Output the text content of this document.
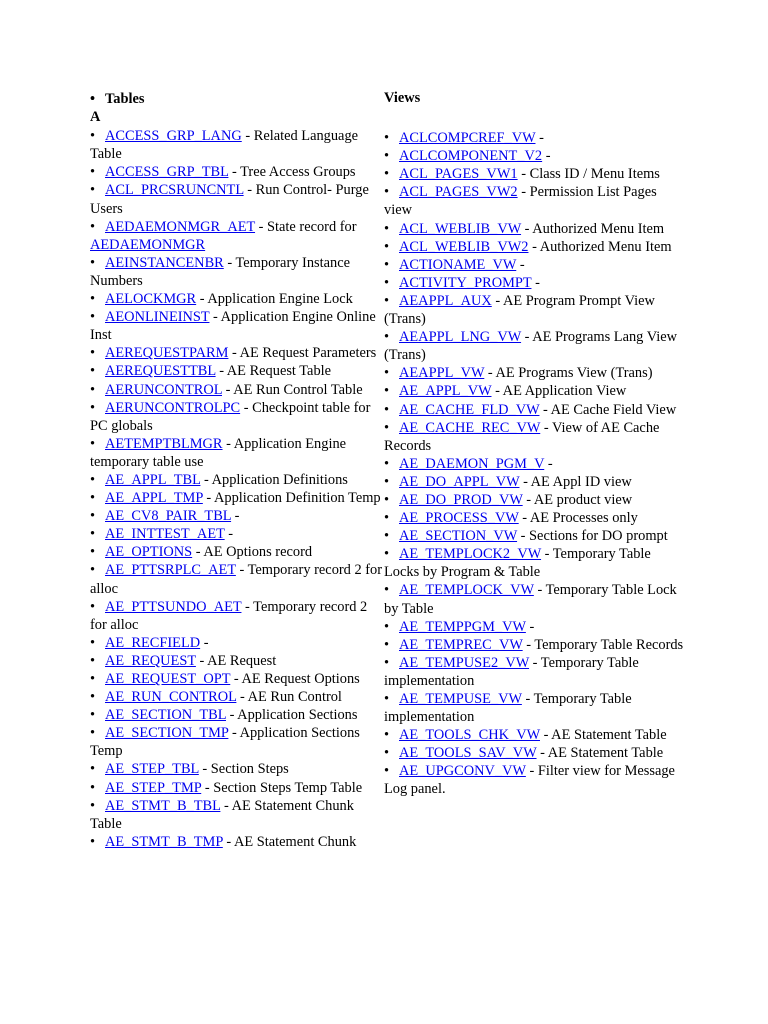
• Tables
A
• ACCESS_GRP_LANG - Related Language Table
• ACCESS_GRP_TBL - Tree Access Groups
• ACL_PRCSRUNCNTL - Run Control- Purge Users
• AEDAEMONMGR_AET - State record for AEDAEMONMGR
• AEINSTANCENBR - Temporary Instance Numbers
• AELOCKMGR - Application Engine Lock
• AEONLINEINST - Application Engine Online Inst
• AEREQUESTPARM - AE Request Parameters
• AEREQUESTTBL - AE Request Table
• AERUNCONTROL - AE Run Control Table
• AERUNCONTROLPC - Checkpoint table for PC globals
• AETEMPTBLMGR - Application Engine temporary table use
• AE_APPL_TBL - Application Definitions
• AE_APPL_TMP - Application Definition Temp
• AE_CV8_PAIR_TBL -
• AE_INTTEST_AET -
• AE_OPTIONS - AE Options record
• AE_PTTSRPLC_AET - Temporary record 2 for alloc
• AE_PTTSUNDO_AET - Temporary record 2 for alloc
• AE_RECFIELD -
• AE_REQUEST - AE Request
• AE_REQUEST_OPT - AE Request Options
• AE_RUN_CONTROL - AE Run Control
• AE_SECTION_TBL - Application Sections
• AE_SECTION_TMP - Application Sections Temp
• AE_STEP_TBL - Section Steps
• AE_STEP_TMP - Section Steps Temp Table
• AE_STMT_B_TBL - AE Statement Chunk Table
• AE_STMT_B_TMP - AE Statement Chunk
Views
• ACLCOMPCREF_VW -
• ACLCOMPONENT_V2 -
• ACL_PAGES_VW1 - Class ID / Menu Items
• ACL_PAGES_VW2 - Permission List Pages view
• ACL_WEBLIB_VW - Authorized Menu Item
• ACL_WEBLIB_VW2 - Authorized Menu Item
• ACTIONAME_VW -
• ACTIVITY_PROMPT -
• AEAPPL_AUX - AE Program Prompt View (Trans)
• AEAPPL_LNG_VW - AE Programs Lang View (Trans)
• AEAPPL_VW - AE Programs View (Trans)
• AE_APPL_VW - AE Application View
• AE_CACHE_FLD_VW - AE Cache Field View
• AE_CACHE_REC_VW - View of AE Cache Records
• AE_DAEMON_PGM_V -
• AE_DO_APPL_VW - AE Appl ID view
• AE_DO_PROD_VW - AE product view
• AE_PROCESS_VW - AE Processes only
• AE_SECTION_VW - Sections for DO prompt
• AE_TEMPLOCK2_VW - Temporary Table Locks by Program & Table
• AE_TEMPLOCK_VW - Temporary Table Lock by Table
• AE_TEMPPGM_VW -
• AE_TEMPREC_VW - Temporary Table Records
• AE_TEMPUSE2_VW - Temporary Table implementation
• AE_TEMPUSE_VW - Temporary Table implementation
• AE_TOOLS_CHK_VW - AE Statement Table
• AE_TOOLS_SAV_VW - AE Statement Table
• AE_UPGCONV_VW - Filter view for Message Log panel.
